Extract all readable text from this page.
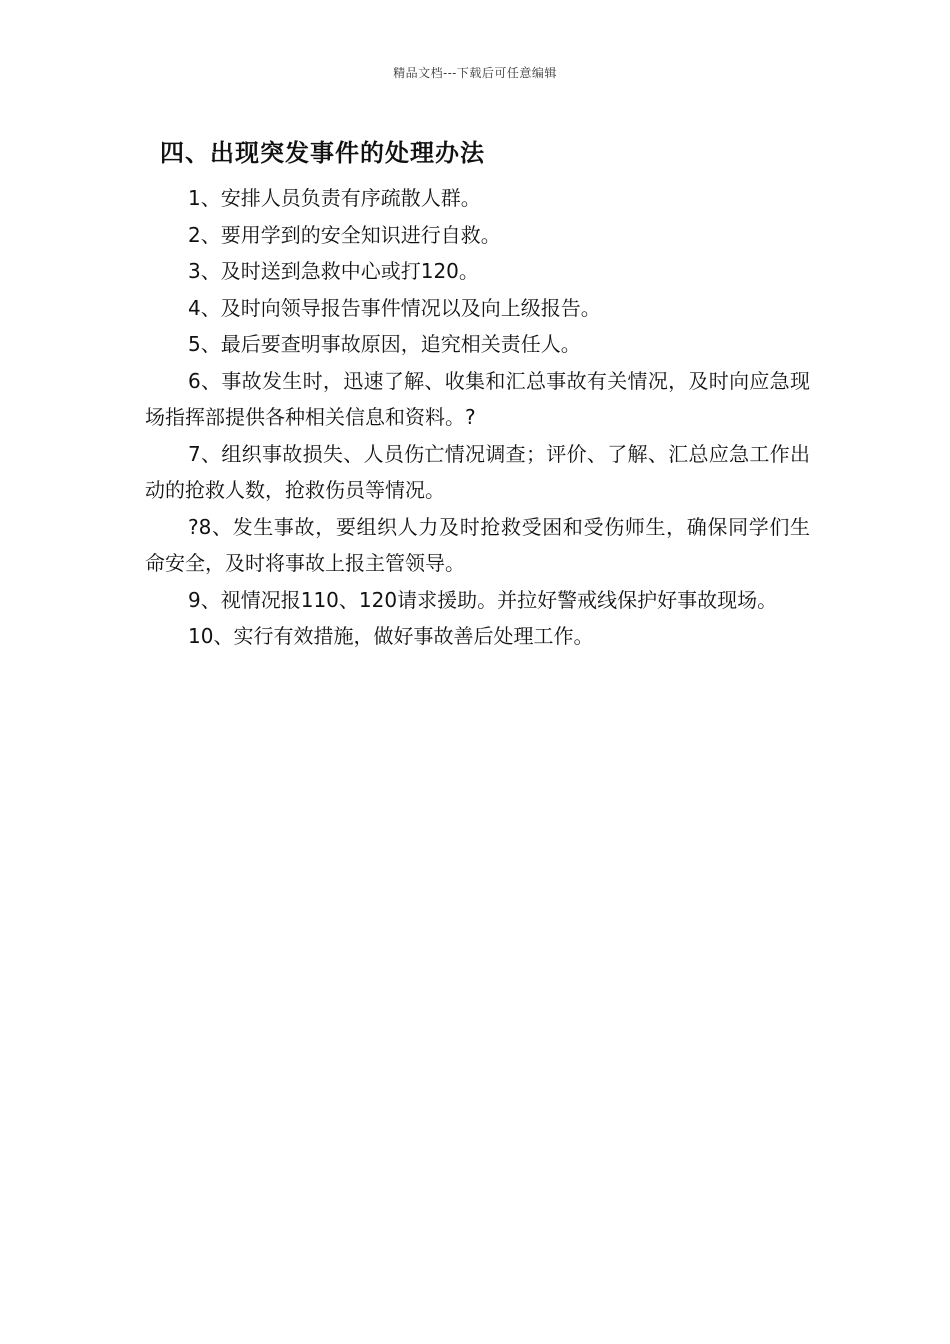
精品文档---下载后可任意编辑
四、出现突发事件的处理办法

1、安排人员负责有序疏散人群。

2、要用学到的安全知识进行自救。

3、及时送到急救中心或打120。

4、及时向领导报告事件情况以及向上级报告。

5、最后要查明事故原因，追究相关责任人。

6、事故发生时，迅速了解、收集和汇总事故有关情况，及时向应急现场指挥部提供各种相关信息和资料。?

7、组织事故损失、人员伤亡情况调查；评价、了解、汇总应急工作出动的抢救人数，抢救伤员等情况。

?8、发生事故，要组织人力及时抢救受困和受伤师生，确保同学们生命安全，及时将事故上报主管领导。

9、视情况报110、120请求援助。并拉好警戒线保护好事故现场。

10、实行有效措施，做好事故善后处理工作。
